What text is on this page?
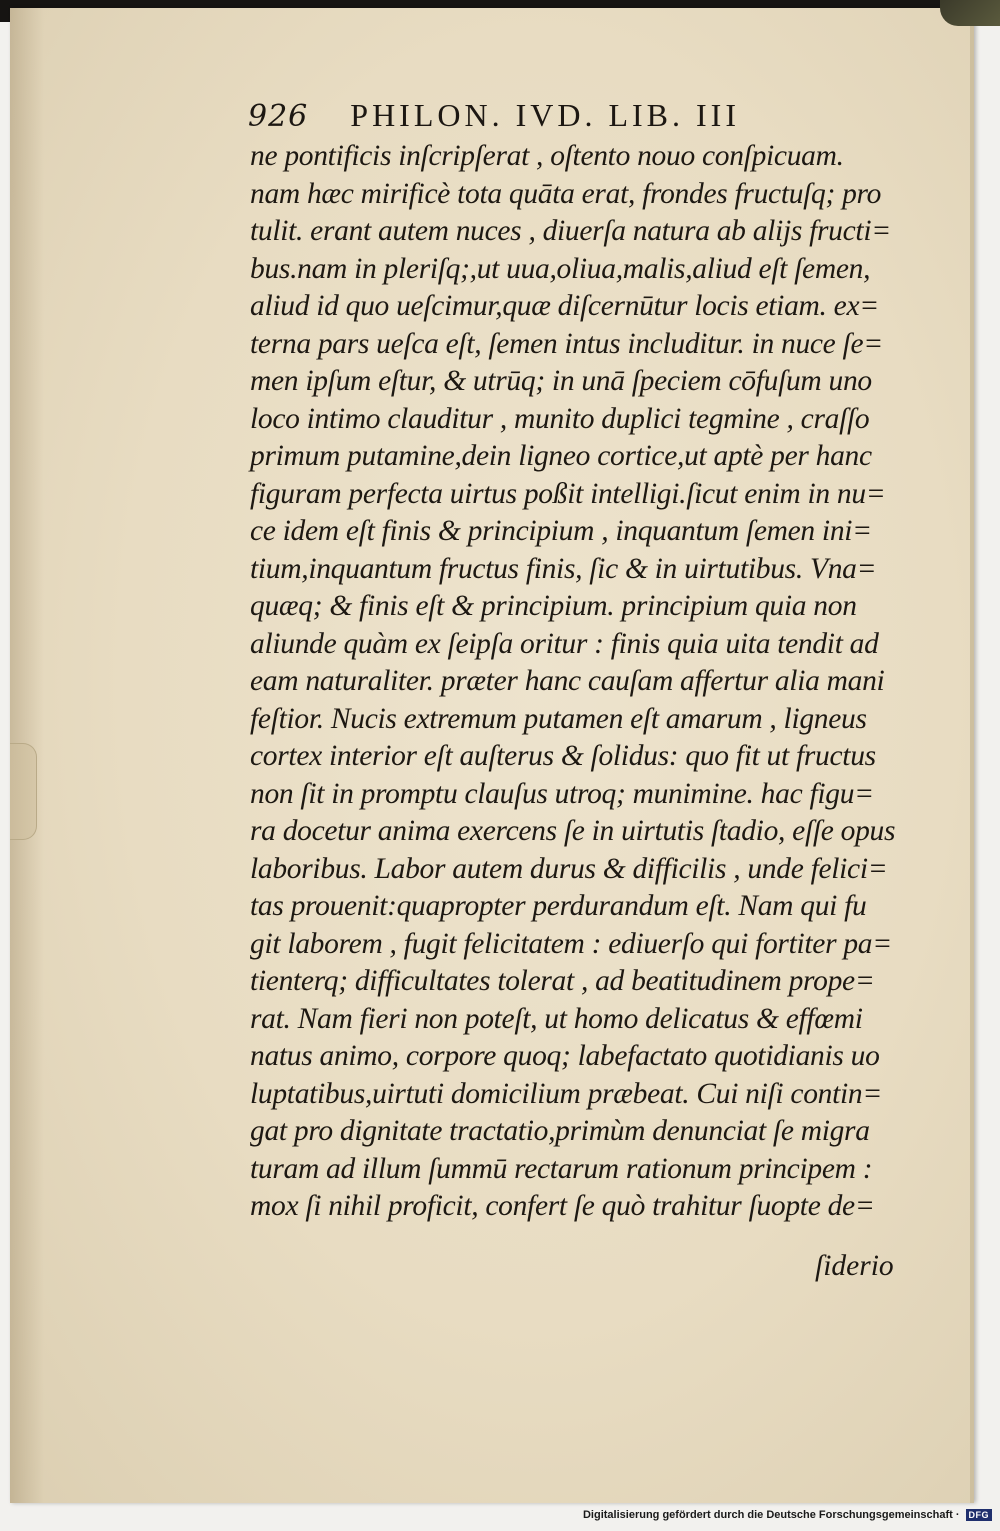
926 PHILON. IVD. LIB. III
ne pontificis inſcripſerat , oſtento nouo conſpicuam.
nam hæc mirificè tota quāta erat, frondes fructuſq; pro
tulit. erant autem nuces , diuerſa natura ab alijs fructi=
bus.nam in pleriſq;,ut uua,oliua,malis,aliud eſt ſemen,
aliud id quo ueſcimur,quæ diſcernūtur locis etiam. ex=
terna pars ueſca eſt, ſemen intus includitur. in nuce ſe=
men ipſum eſtur, & utrūq; in unā ſpeciem cōfuſum uno
loco intimo clauditur , munito duplici tegmine , craſſo
primum putamine,dein ligneo cortice,ut aptè per hanc
figuram perfecta uirtus poßit intelligi.ſicut enim in nu=
ce idem eſt finis & principium , inquantum ſemen ini=
tium,inquantum fructus finis, ſic & in uirtutibus. Vna=
quæq; & finis eſt & principium. principium quia non
aliunde quàm ex ſeipſa oritur : finis quia uita tendit ad
eam naturaliter. præter hanc cauſam affertur alia mani
feſtior. Nucis extremum putamen eſt amarum , ligneus
cortex interior eſt auſterus & ſolidus: quo fit ut fructus
non ſit in promptu clauſus utroq; munimine. hac figu=
ra docetur anima exercens ſe in uirtutis ſtadio, eſſe opus
laboribus. Labor autem durus & difficilis , unde felici=
tas prouenit:quapropter perdurandum eſt. Nam qui fu
git laborem , fugit felicitatem : ediuerſo qui fortiter pa=
tienterq; difficultates tolerat , ad beatitudinem prope=
rat. Nam fieri non poteſt, ut homo delicatus & effœmi
natus animo, corpore quoq; labefactato quotidianis uo
luptatibus,uirtuti domicilium præbeat. Cui niſi contin=
gat pro dignitate tractatio,primùm denunciat ſe migra
turam ad illum ſummū rectarum rationum principem :
mox ſi nihil proficit, confert ſe quò trahitur ſuopte de=
ſiderio
Digitalisierung gefördert durch die Deutsche Forschungsgemeinschaft ·	DFG
